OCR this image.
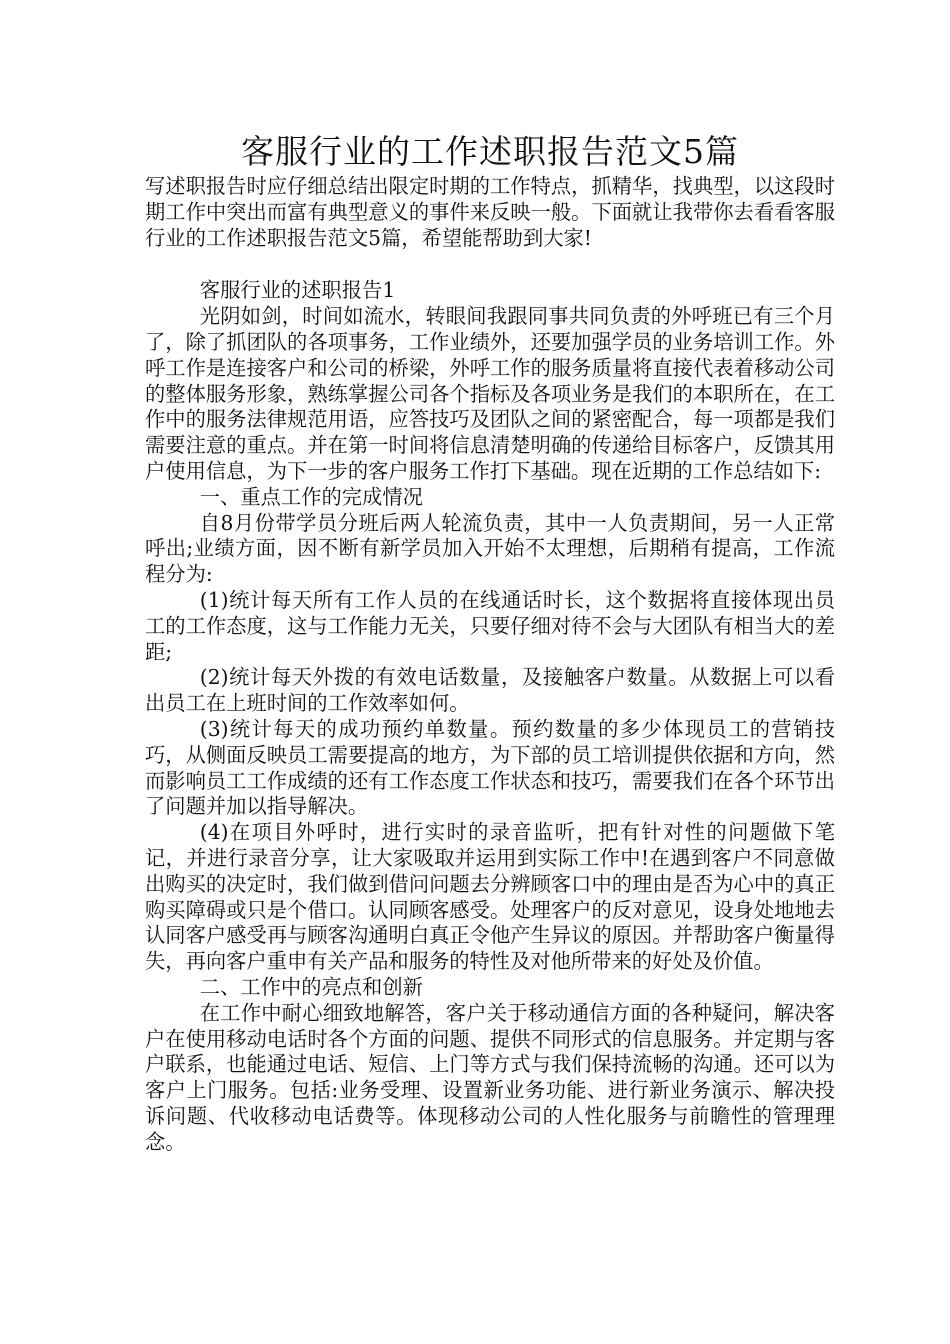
客服行业的工作述职报告范文5篇

写述职报告时应仔细总结出限定时期的工作特点，抓精华，找典型，以这段时期工作中突出而富有典型意义的事件来反映一般。下面就让我带你去看看客服行业的工作述职报告范文5篇，希望能帮助到大家!

客服行业的述职报告1

光阴如剑，时间如流水，转眼间我跟同事共同负责的外呼班已有三个月了，除了抓团队的各项事务，工作业绩外，还要加强学员的业务培训工作。外呼工作是连接客户和公司的桥梁，外呼工作的服务质量将直接代表着移动公司的整体服务形象，熟练掌握公司各个指标及各项业务是我们的本职所在，在工作中的服务法律规范用语，应答技巧及团队之间的紧密配合，每一项都是我们需要注意的重点。并在第一时间将信息清楚明确的传递给目标客户，反馈其用户使用信息，为下一步的客户服务工作打下基础。现在近期的工作总结如下:

一、重点工作的完成情况

自8月份带学员分班后两人轮流负责，其中一人负责期间，另一人正常呼出;业绩方面，因不断有新学员加入开始不太理想，后期稍有提高，工作流程分为:

(1)统计每天所有工作人员的在线通话时长，这个数据将直接体现出员工的工作态度，这与工作能力无关，只要仔细对待不会与大团队有相当大的差距;

(2)统计每天外拨的有效电话数量，及接触客户数量。从数据上可以看出员工在上班时间的工作效率如何。

(3)统计每天的成功预约单数量。预约数量的多少体现员工的营销技巧，从侧面反映员工需要提高的地方，为下部的员工培训提供依据和方向，然而影响员工工作成绩的还有工作态度工作状态和技巧，需要我们在各个环节出了问题并加以指导解决。

(4)在项目外呼时，进行实时的录音监听，把有针对性的问题做下笔记，并进行录音分享，让大家吸取并运用到实际工作中!在遇到客户不同意做出购买的决定时，我们做到借问问题去分辨顾客口中的理由是否为心中的真正购买障碍或只是个借口。认同顾客感受。处理客户的反对意见，设身处地地去认同客户感受再与顾客沟通明白真正令他产生异议的原因。并帮助客户衡量得失，再向客户重申有关产品和服务的特性及对他所带来的好处及价值。

二、工作中的亮点和创新

在工作中耐心细致地解答，客户关于移动通信方面的各种疑问，解决客户在使用移动电话时各个方面的问题、提供不同形式的信息服务。并定期与客户联系，也能通过电话、短信、上门等方式与我们保持流畅的沟通。还可以为客户上门服务。包括:业务受理、设置新业务功能、进行新业务演示、解决投诉问题、代收移动电话费等。体现移动公司的人性化服务与前瞻性的管理理念。
